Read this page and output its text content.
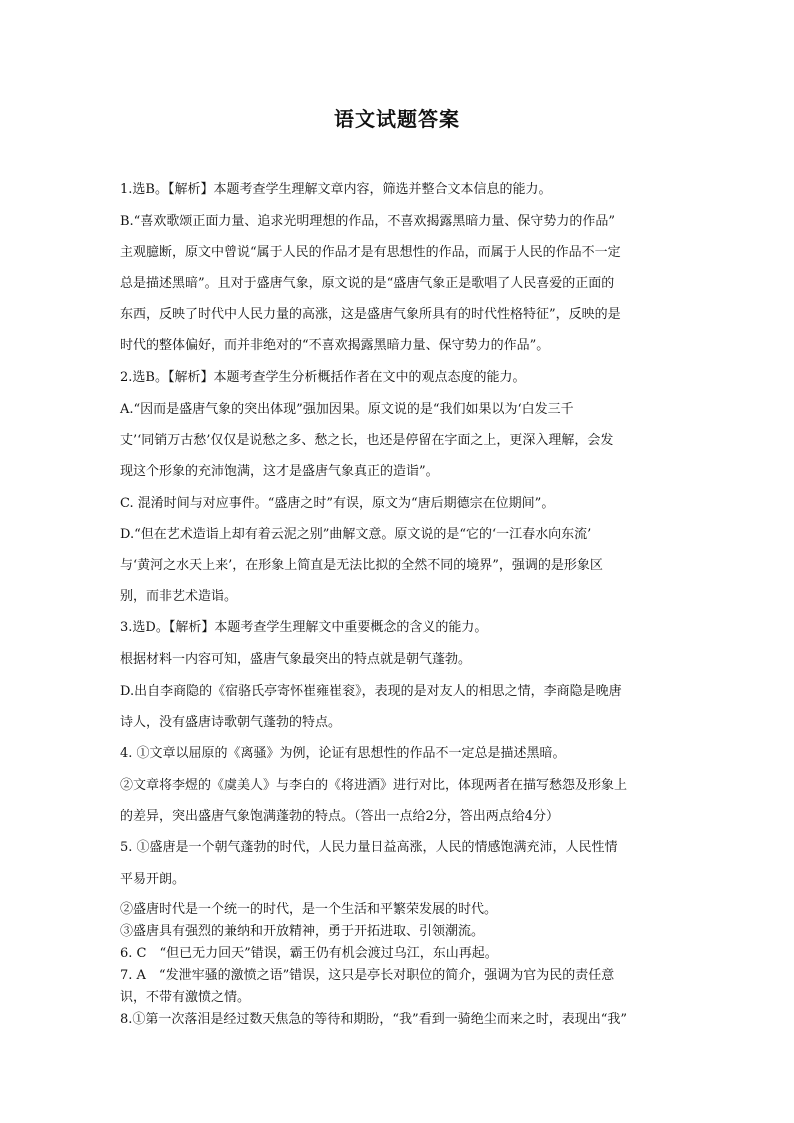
语文试题答案
1.选B。【解析】本题考查学生理解文章内容，筛选并整合文本信息的能力。
B.“喜欢歌颂正面力量、追求光明理想的作品，不喜欢揭露黑暗力量、保守势力的作品”
主观臆断，原文中曾说“属于人民的作品才是有思想性的作品，而属于人民的作品不一定
总是描述黑暗”。且对于盛唐气象，原文说的是“盛唐气象正是歌唱了人民喜爱的正面的
东西，反映了时代中人民力量的高涨，这是盛唐气象所具有的时代性格特征”，反映的是
时代的整体偏好，而并非绝对的“不喜欢揭露黑暗力量、保守势力的作品”。
2.选B。【解析】本题考查学生分析概括作者在文中的观点态度的能力。
A.“因而是盛唐气象的突出体现”强加因果。原文说的是“我们如果以为‘白发三千
丈’‘同销万古愁’仅仅是说愁之多、愁之长，也还是停留在字面之上，更深入理解，会发
现这个形象的充沛饱满，这才是盛唐气象真正的造诣”。
C. 混淆时间与对应事件。“盛唐之时”有误，原文为“唐后期德宗在位期间”。
D.“但在艺术造诣上却有着云泥之别”曲解文意。原文说的是“它的‘一江春水向东流’
与‘黄河之水天上来’，在形象上简直是无法比拟的全然不同的境界”，强调的是形象区
别，而非艺术造诣。
3.选D。【解析】本题考查学生理解文中重要概念的含义的能力。
根据材料一内容可知，盛唐气象最突出的特点就是朝气蓬勃。
D.出自李商隐的《宿骆氏亭寄怀崔雍崔衮》，表现的是对友人的相思之情，李商隐是晚唐
诗人，没有盛唐诗歌朝气蓬勃的特点。
4. ①文章以屈原的《离骚》为例，论证有思想性的作品不一定总是描述黑暗。
②文章将李煜的《虞美人》与李白的《将进酒》进行对比，体现两者在描写愁怨及形象上
的差异，突出盛唐气象饱满蓬勃的特点。（答出一点给2分，答出两点给4分）
5. ①盛唐是一个朝气蓬勃的时代，人民力量日益高涨，人民的情感饱满充沛，人民性情
平易开朗。
②盛唐时代是一个统一的时代，是一个生活和平繁荣发展的时代。
③盛唐具有强烈的兼纳和开放精神，勇于开拓进取、引领潮流。
6. C　“但已无力回天”错误，霸王仍有机会渡过乌江，东山再起。
7. A　“发泄牢骚的激愤之语”错误，这只是亭长对职位的简介，强调为官为民的责任意
识，不带有激愤之情。
8.①第一次落泪是经过数天焦急的等待和期盼，“我”看到一骑绝尘而来之时，表现出“我”
